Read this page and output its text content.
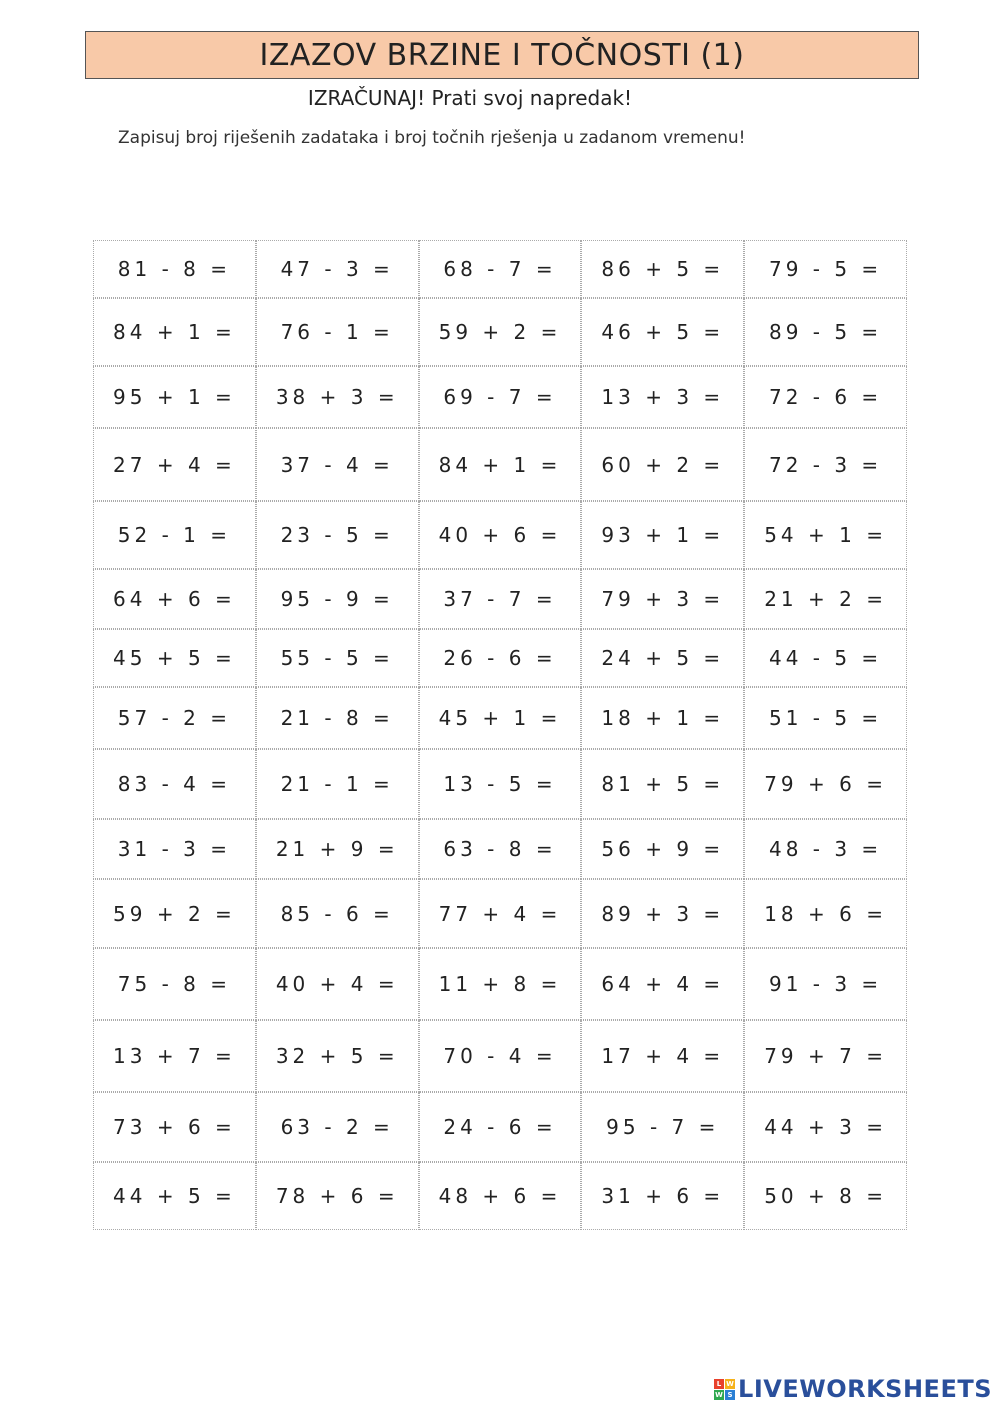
IZAZOV BRZINE I TOČNOSTI (1)
IZRAČUNAJ! Prati svoj napredak!
Zapisuj broj riješenih zadataka i broj točnih rješenja u zadanom vremenu!
81 - 8 =	47 - 3 =	68 - 7 =	86 + 5 =	79 - 5 =
84 + 1 =	76 - 1 =	59 + 2 =	46 + 5 =	89 - 5 =
95 + 1 =	38 + 3 =	69 - 7 =	13 + 3 =	72 - 6 =
27 + 4 =	37 - 4 =	84 + 1 =	60 + 2 =	72 - 3 =
52 - 1 =	23 - 5 =	40 + 6 =	93 + 1 =	54 + 1 =
64 + 6 =	95 - 9 =	37 - 7 =	79 + 3 =	21 + 2 =
45 + 5 =	55 - 5 =	26 - 6 =	24 + 5 =	44 - 5 =
57 - 2 =	21 - 8 =	45 + 1 =	18 + 1 =	51 - 5 =
83 - 4 =	21 - 1 =	13 - 5 =	81 + 5 =	79 + 6 =
31 - 3 =	21 + 9 =	63 - 8 =	56 + 9 =	48 - 3 =
59 + 2 =	85 - 6 =	77 + 4 =	89 + 3 =	18 + 6 =
75 - 8 =	40 + 4 =	11 + 8 =	64 + 4 =	91 - 3 =
13 + 7 =	32 + 5 =	70 - 4 =	17 + 4 =	79 + 7 =
73 + 6 =	63 - 2 =	24 - 6 =	95 - 7 =	44 + 3 =
44 + 5 =	78 + 6 =	48 + 6 =	31 + 6 =	50 + 8 =
L W
W S LIVEWORKSHEETS
